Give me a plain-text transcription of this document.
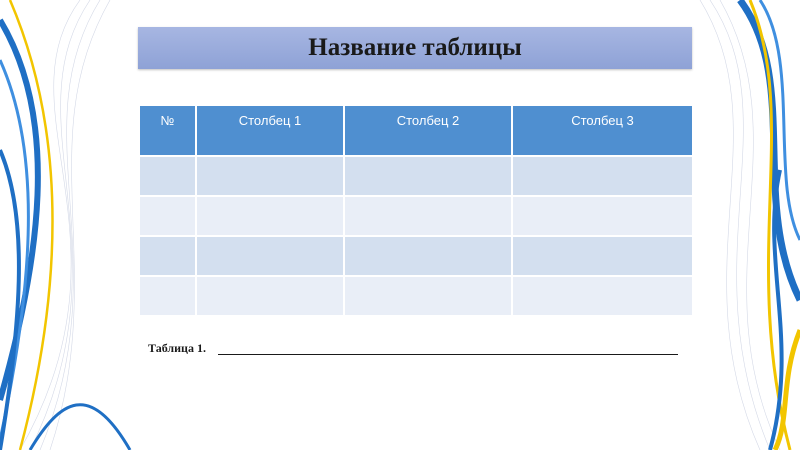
Название таблицы
№	Столбец 1	Столбец 2	Столбец 3

Таблица 1.
